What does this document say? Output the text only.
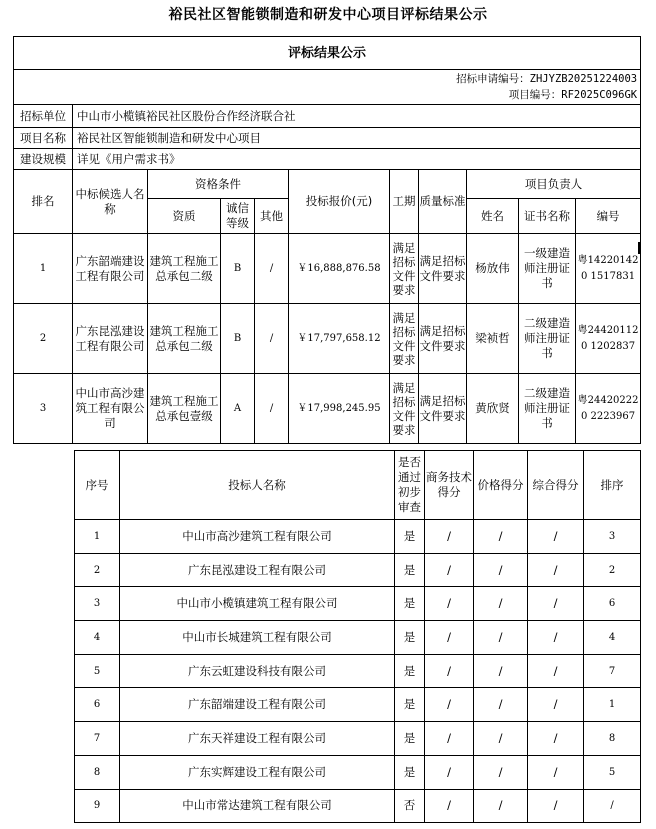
裕民社区智能锁制造和研发中心项目评标结果公示
评标结果公示										

招标申请编号：ZHJYZB20251224003
项目编号：RF2025C096GK										

招标单位	中山市小榄镇裕民社区股份合作经济联合社									
项目名称	裕民社区智能锁制造和研发中心项目									
建设规模	详见《用户需求书》									
排名	中标候选人名称	资格条件			投标报价(元)	工期	质量标准	项目负责人		
		资质	诚信等级	其他				姓名	证书名称	编号
1	广东韶端建设工程有限公司	建筑工程施工总承包二级	B	/	￥16,888,876.58	满足招标文件要求	满足招标文件要求	杨放伟	一级建造师注册证书	粤142201420 1517831
2	广东昆泓建设工程有限公司	建筑工程施工总承包二级	B	/	￥17,797,658.12	满足招标文件要求	满足招标文件要求	梁祯哲	二级建造师注册证书	粤244201120 1202837
3	中山市高沙建筑工程有限公司	建筑工程施工总承包壹级	A	/	￥17,998,245.95	满足招标文件要求	满足招标文件要求	黄欣贤	二级建造师注册证书	粤244202220 2223967
序号	投标人名称	是否通过初步审查	商务技术得分	价格得分	综合得分	排序
1	中山市高沙建筑工程有限公司	是	/	/	/	3
2	广东昆泓建设工程有限公司	是	/	/	/	2
3	中山市小榄镇建筑工程有限公司	是	/	/	/	6
4	中山市长城建筑工程有限公司	是	/	/	/	4
5	广东云虹建设科技有限公司	是	/	/	/	7
6	广东韶端建设工程有限公司	是	/	/	/	1
7	广东天祥建设工程有限公司	是	/	/	/	8
8	广东实辉建设工程有限公司	是	/	/	/	5
9	中山市常达建筑工程有限公司	否	/	/	/	/
